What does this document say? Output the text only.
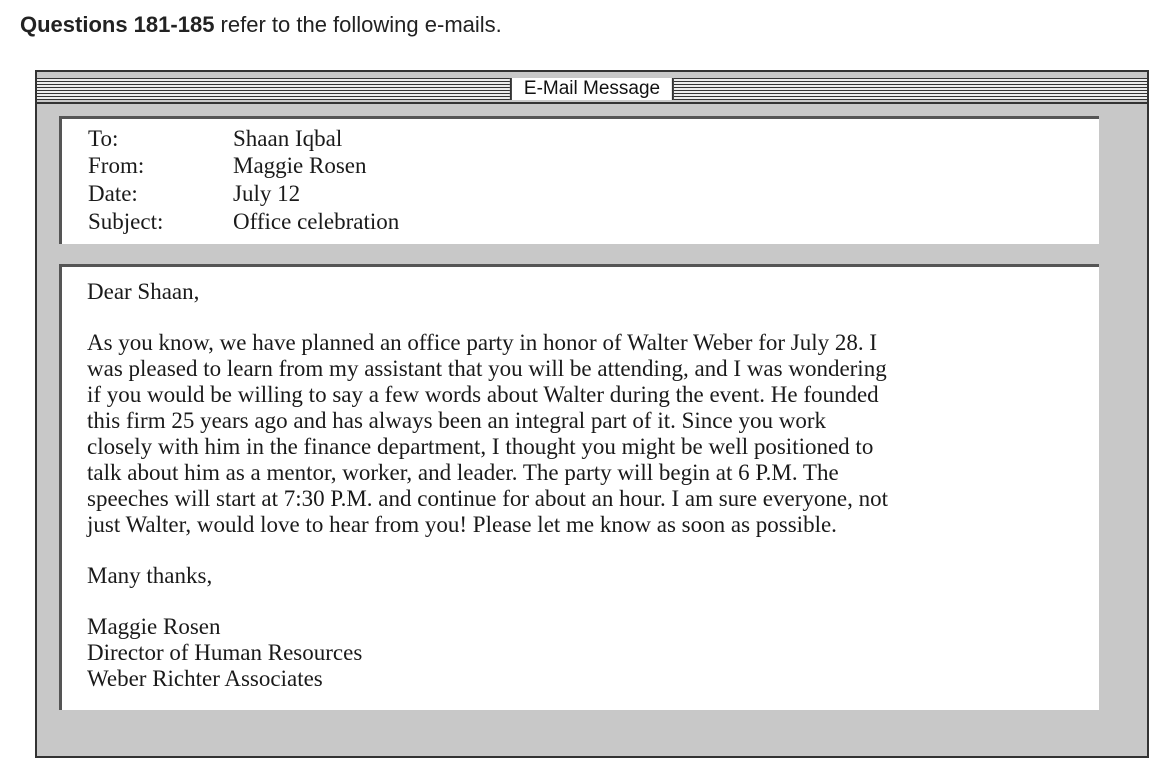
Questions 181-185 refer to the following e-mails.
E-Mail Message
To:	Shaan Iqbal
From:	Maggie Rosen
Date:	July 12
Subject:	Office celebration
Dear Shaan,
As you know, we have planned an office party in honor of Walter Weber for July 28. I
was pleased to learn from my assistant that you will be attending, and I was wondering
if you would be willing to say a few words about Walter during the event. He founded
this firm 25 years ago and has always been an integral part of it. Since you work
closely with him in the finance department, I thought you might be well positioned to
talk about him as a mentor, worker, and leader. The party will begin at 6 P.M. The
speeches will start at 7:30 P.M. and continue for about an hour. I am sure everyone, not
just Walter, would love to hear from you! Please let me know as soon as possible.
Many thanks,
Maggie Rosen
Director of Human Resources
Weber Richter Associates
